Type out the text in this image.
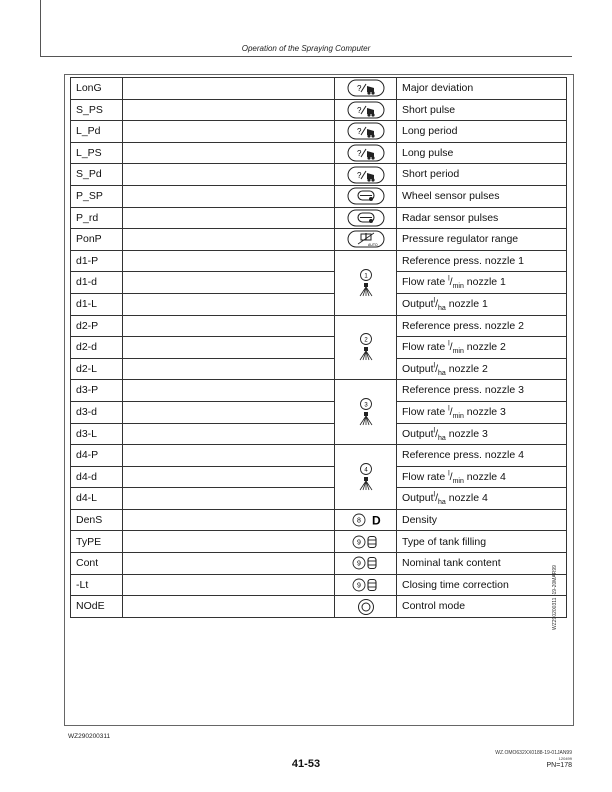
Operation of the Spraying Computer
LonG		?	Major deviation
S_PS		?	Short pulse
L_Pd		?	Long period
L_PS		?	Long pulse
S_Pd		?	Short period
P_SP			Wheel sensor pulses
P_rd			Radar sensor pulses
PonP		AUTO	Pressure regulator range
d1-P		1	Reference press. nozzle 1
d1-d			Flow rate $^l/_{min}$ nozzle 1
d1-L			$Output^l/_{ha}$ nozzle 1
d2-P		2	Reference press. nozzle 2
d2-d			Flow rate $^l/_{min}$ nozzle 2
d2-L			$Output^l/_{ha}$ nozzle 2
d3-P		3	Reference press. nozzle 3
d3-d			Flow rate $^l/_{min}$ nozzle 3
d3-L			$Output^l/_{ha}$ nozzle 3
d4-P		4	Reference press. nozzle 4
d4-d			Flow rate $^l/_{min}$ nozzle 4
d4-L			$Output^l/_{ha}$ nozzle 4
DenS		8 D	Density
TyPE		9	Type of tank filling
Cont		9	Nominal tank content
-Lt		9	Closing time correction
NOdE			Control mode	WZ290200311 -19-20MAR99
WZ290200311
WZ.OMO632XX0188-19-01JAN99
41-53	120499
PN=178
